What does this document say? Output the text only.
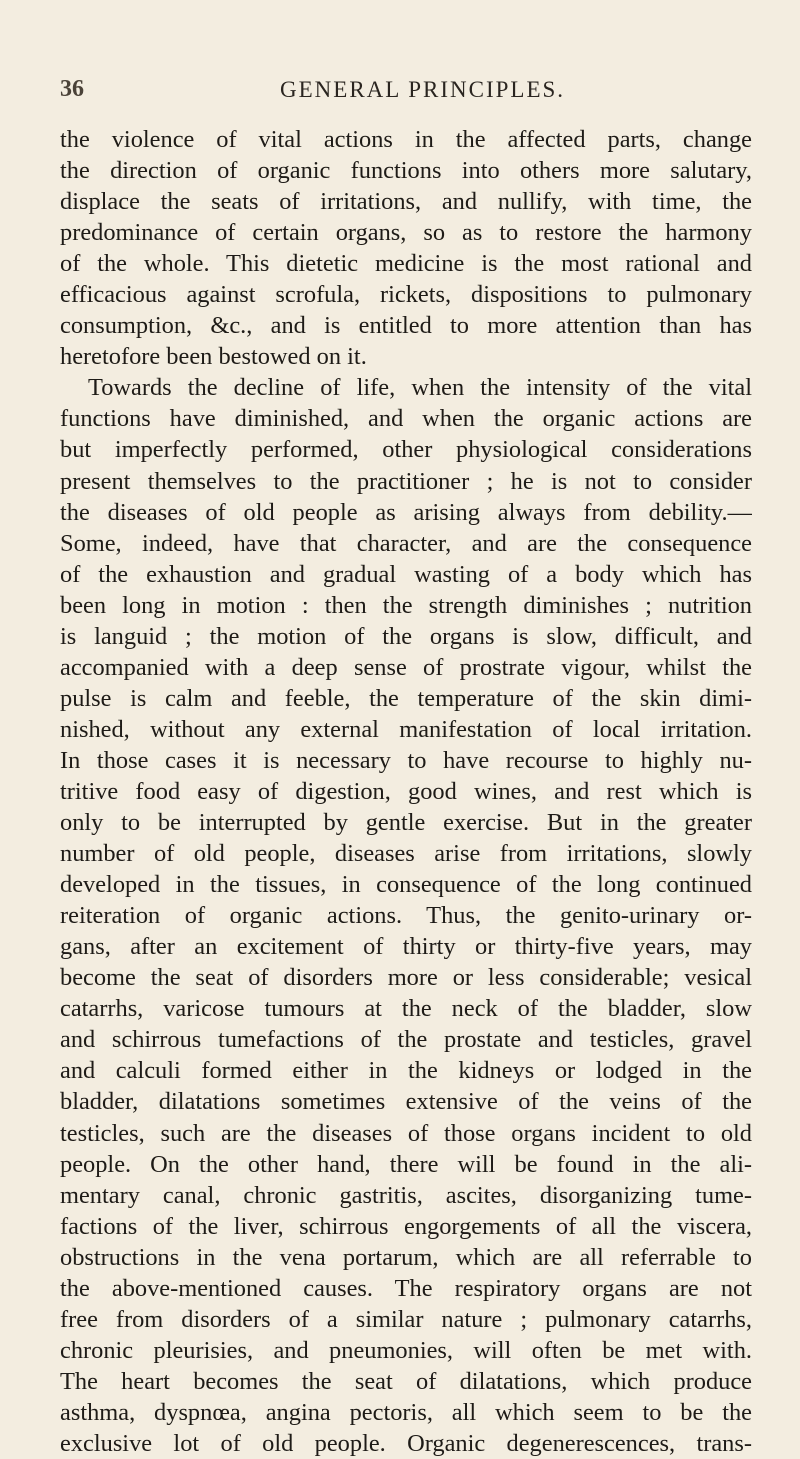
36	GENERAL PRINCIPLES.
the violence of vital actions in the affected parts, change
the direction of organic functions into others more salutary,
displace the seats of irritations, and nullify, with time, the
predominance of certain organs, so as to restore the harmony
of the whole. This dietetic medicine is the most rational and
efficacious against scrofula, rickets, dispositions to pulmonary
consumption, &c., and is entitled to more attention than has
heretofore been bestowed on it.
Towards the decline of life, when the intensity of the vital
functions have diminished, and when the organic actions are
but imperfectly performed, other physiological considerations
present themselves to the practitioner ; he is not to consider
the diseases of old people as arising always from debility.—
Some, indeed, have that character, and are the consequence
of the exhaustion and gradual wasting of a body which has
been long in motion : then the strength diminishes ; nutrition
is languid ; the motion of the organs is slow, difficult, and
accompanied with a deep sense of prostrate vigour, whilst the
pulse is calm and feeble, the temperature of the skin dimi-
nished, without any external manifestation of local irritation.
In those cases it is necessary to have recourse to highly nu-
tritive food easy of digestion, good wines, and rest which is
only to be interrupted by gentle exercise. But in the greater
number of old people, diseases arise from irritations, slowly
developed in the tissues, in consequence of the long continued
reiteration of organic actions. Thus, the genito-urinary or-
gans, after an excitement of thirty or thirty-five years, may
become the seat of disorders more or less considerable; vesical
catarrhs, varicose tumours at the neck of the bladder, slow
and schirrous tumefactions of the prostate and testicles, gravel
and calculi formed either in the kidneys or lodged in the
bladder, dilatations sometimes extensive of the veins of the
testicles, such are the diseases of those organs incident to old
people. On the other hand, there will be found in the ali-
mentary canal, chronic gastritis, ascites, disorganizing tume-
factions of the liver, schirrous engorgements of all the viscera,
obstructions in the vena portarum, which are all referrable to
the above-mentioned causes. The respiratory organs are not
free from disorders of a similar nature ; pulmonary catarrhs,
chronic pleurisies, and pneumonies, will often be met with.
The heart becomes the seat of dilatations, which produce
asthma, dyspnœa, angina pectoris, all which seem to be the
exclusive lot of old people. Organic degenerescences, trans-
